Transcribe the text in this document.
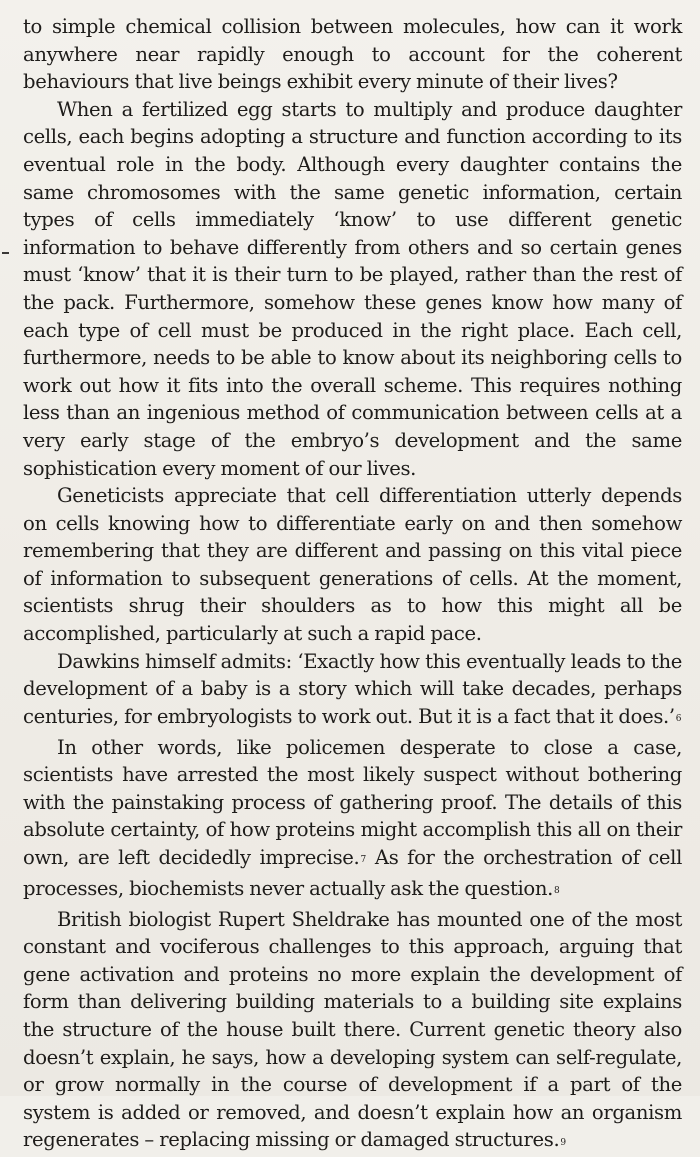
to simple chemical collision between molecules, how can it work anywhere near rapidly enough to account for the coherent behaviours that live beings exhibit every minute of their lives?

When a fertilized egg starts to multiply and produce daughter cells, each begins adopting a structure and function according to its eventual role in the body. Although every daughter contains the same chromosomes with the same genetic information, certain types of cells immediately ‘know’ to use different genetic information to behave differently from others and so certain genes must ‘know’ that it is their turn to be played, rather than the rest of the pack. Furthermore, somehow these genes know how many of each type of cell must be produced in the right place. Each cell, furthermore, needs to be able to know about its neighboring cells to work out how it fits into the overall scheme. This requires nothing less than an ingenious method of communication between cells at a very early stage of the embryo’s development and the same sophistication every moment of our lives.

Geneticists appreciate that cell differentiation utterly depends on cells knowing how to differentiate early on and then somehow remembering that they are different and passing on this vital piece of information to subsequent generations of cells. At the moment, scientists shrug their shoulders as to how this might all be accomplished, particularly at such a rapid pace.

Dawkins himself admits: ‘Exactly how this eventually leads to the development of a baby is a story which will take decades, perhaps centuries, for embryologists to work out. But it is a fact that it does.’6

In other words, like policemen desperate to close a case, scientists have arrested the most likely suspect without bothering with the painstaking process of gathering proof. The details of this absolute certainty, of how proteins might accomplish this all on their own, are left decidedly imprecise.7 As for the orchestration of cell processes, biochemists never actually ask the question.8

British biologist Rupert Sheldrake has mounted one of the most constant and vociferous challenges to this approach, arguing that gene activation and proteins no more explain the development of form than delivering building materials to a building site explains the structure of the house built there. Current genetic theory also doesn’t explain, he says, how a developing system can self-regulate, or grow normally in the course of development if a part of the system is added or removed, and doesn’t explain how an organism regenerates – replacing missing or damaged structures.9
